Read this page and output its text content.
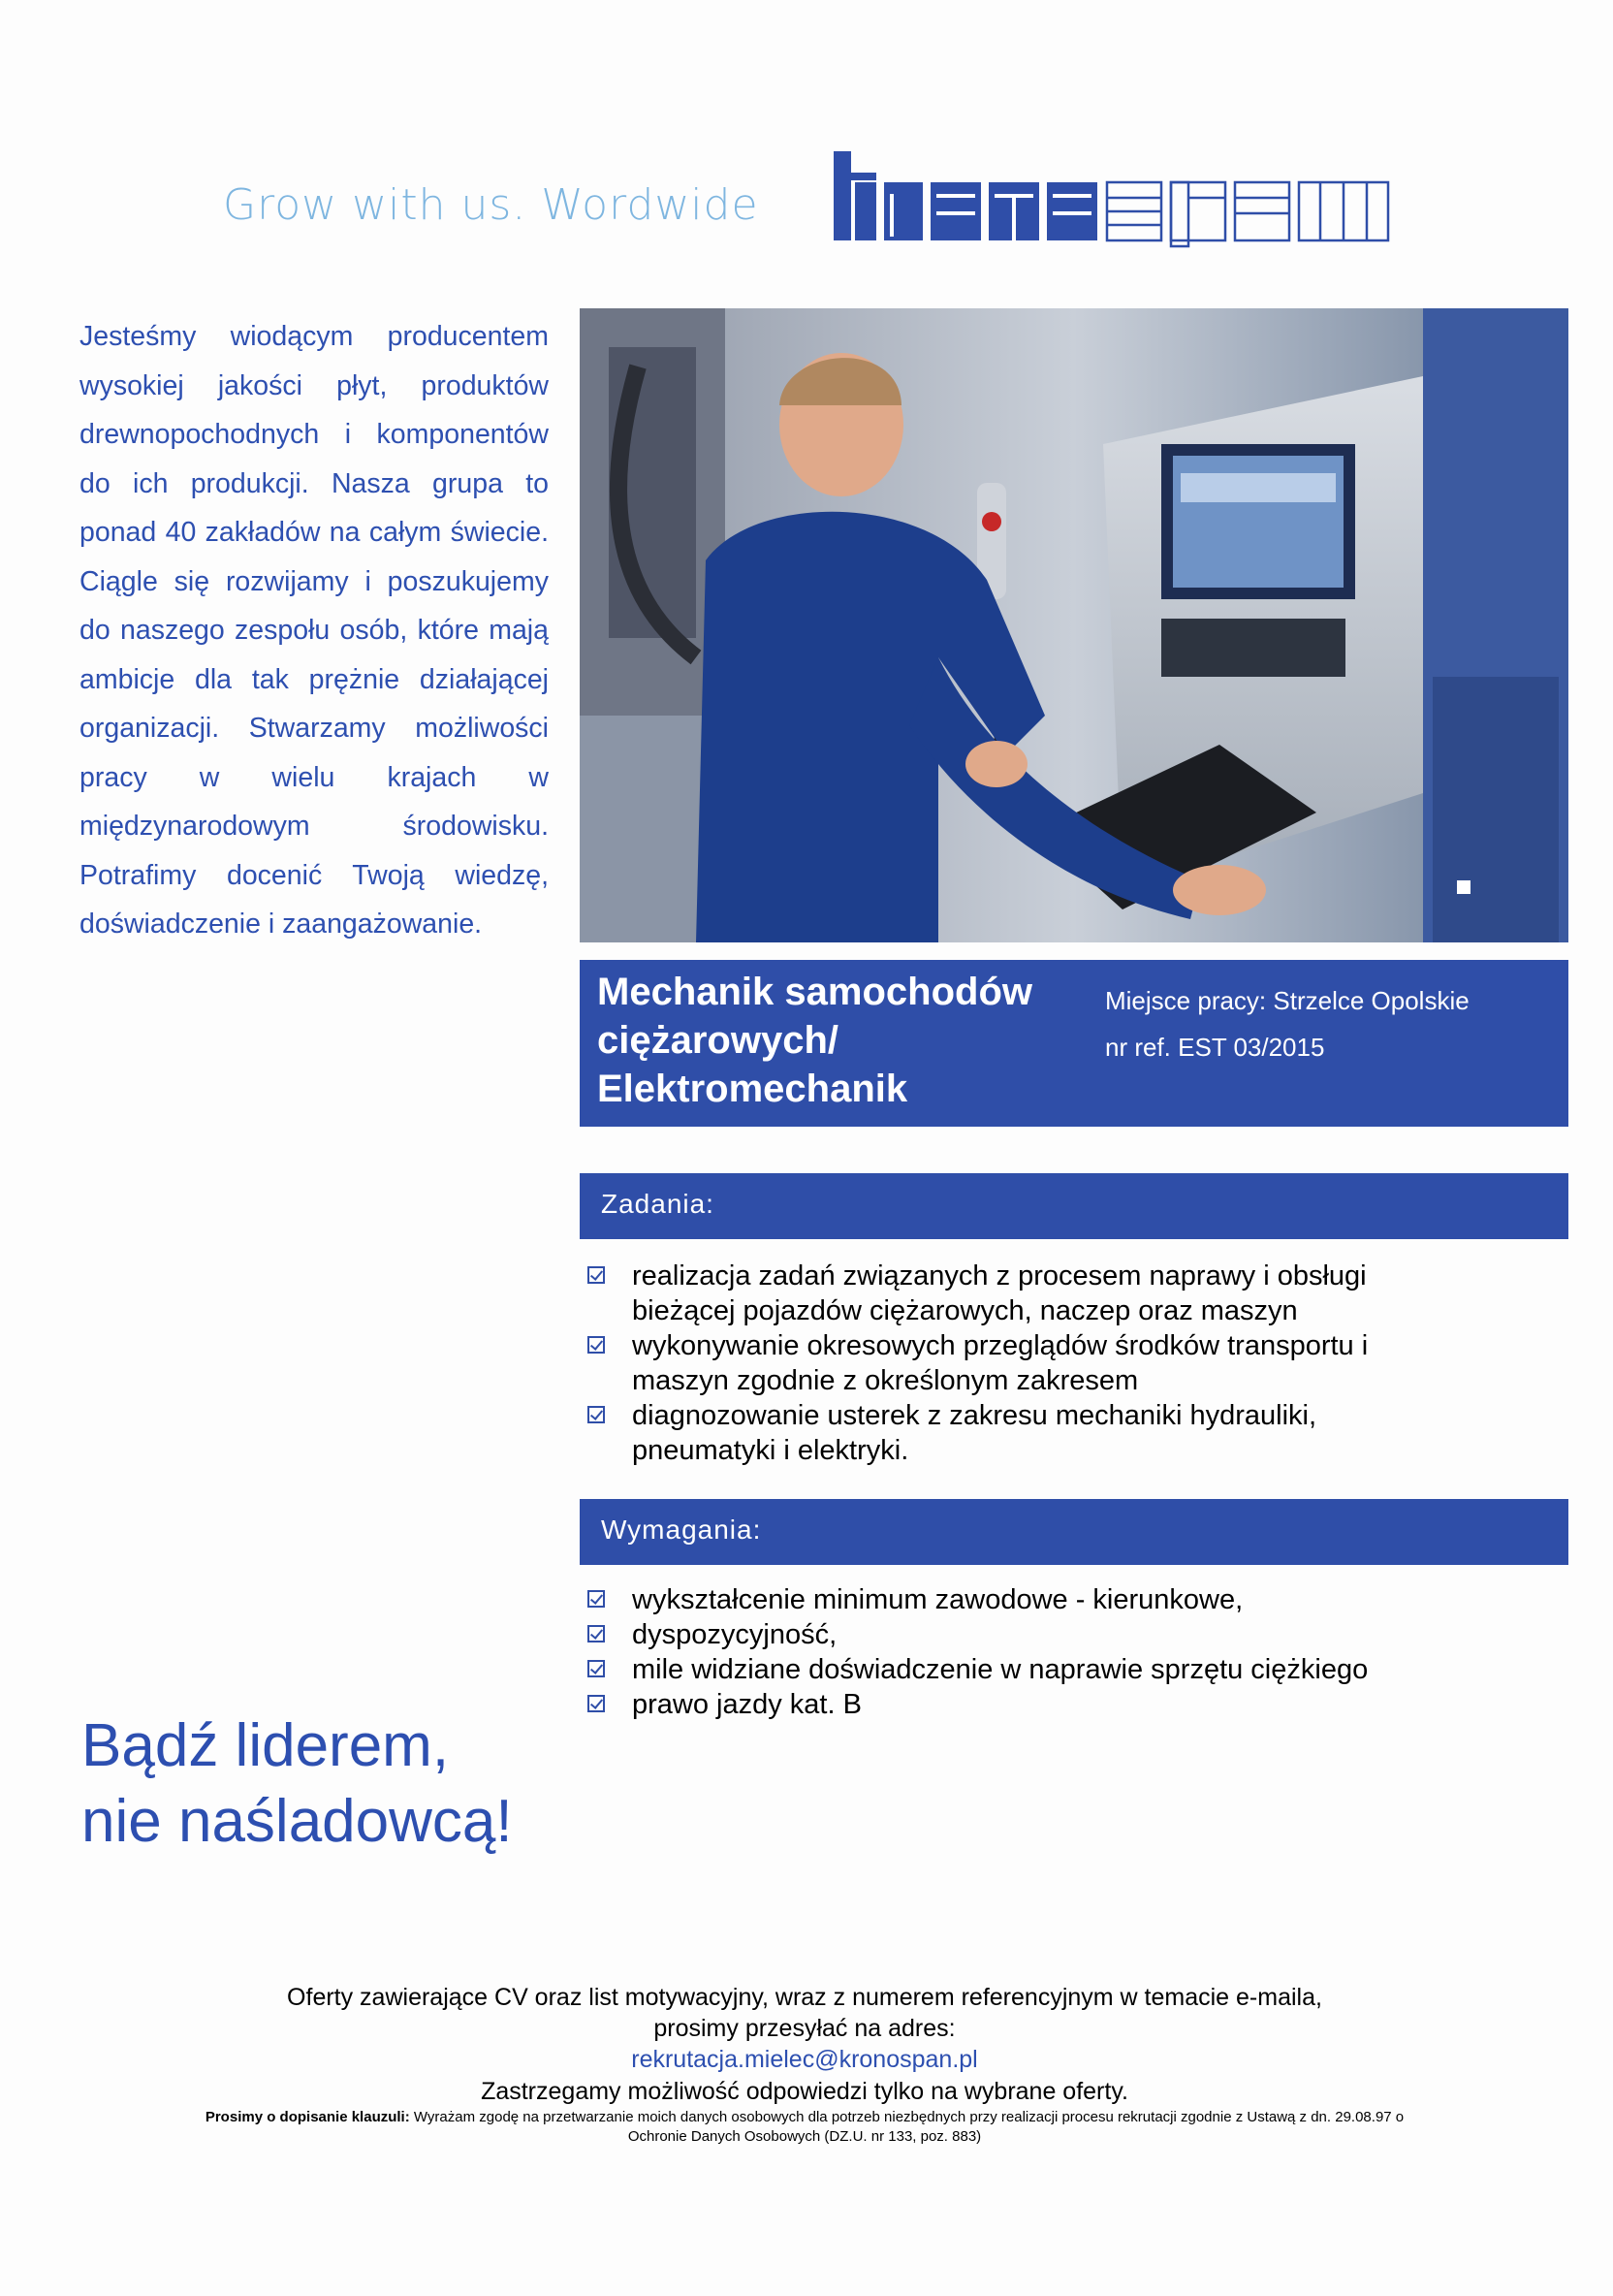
Grow with us. Wordwide
Jesteśmy wiodącym producentem wysokiej jakości płyt, produktów drewnopochodnych i komponentów do ich produkcji. Nasza grupa to ponad 40 zakładów na całym świecie. Ciągle się rozwijamy i poszukujemy do naszego zespołu osób, które mają ambicje dla tak prężnie działającej organizacji. Stwarzamy możliwości pracy w wielu krajach w międzynarodowym środowisku. Potrafimy docenić Twoją wiedzę, doświadczenie i zaangażowanie.
Mechanik samochodów
ciężarowych/
Elektromechanik
Miejsce pracy: Strzelce Opolskie
nr ref. EST 03/2015
Zadania:
realizacja zadań związanych z procesem naprawy i obsługi bieżącej pojazdów ciężarowych, naczep oraz maszyn
wykonywanie okresowych przeglądów środków transportu i maszyn zgodnie z określonym zakresem
diagnozowanie usterek z zakresu mechaniki hydrauliki, pneumatyki i elektryki.
Wymagania:
wykształcenie minimum zawodowe - kierunkowe,
dyspozycyjność,
mile widziane doświadczenie w naprawie sprzętu ciężkiego
prawo jazdy kat. B
Bądź liderem,
nie naśladowcą!
Oferty zawierające CV oraz list motywacyjny, wraz z numerem referencyjnym w temacie e-maila,
prosimy przesyłać na adres:
rekrutacja.mielec@kronospan.pl
Zastrzegamy możliwość odpowiedzi tylko na wybrane oferty.
Prosimy o dopisanie klauzuli: Wyrażam zgodę na przetwarzanie moich danych osobowych dla potrzeb niezbędnych przy realizacji procesu rekrutacji zgodnie z Ustawą z dn. 29.08.97 o Ochronie Danych Osobowych (DZ.U. nr 133, poz. 883)
